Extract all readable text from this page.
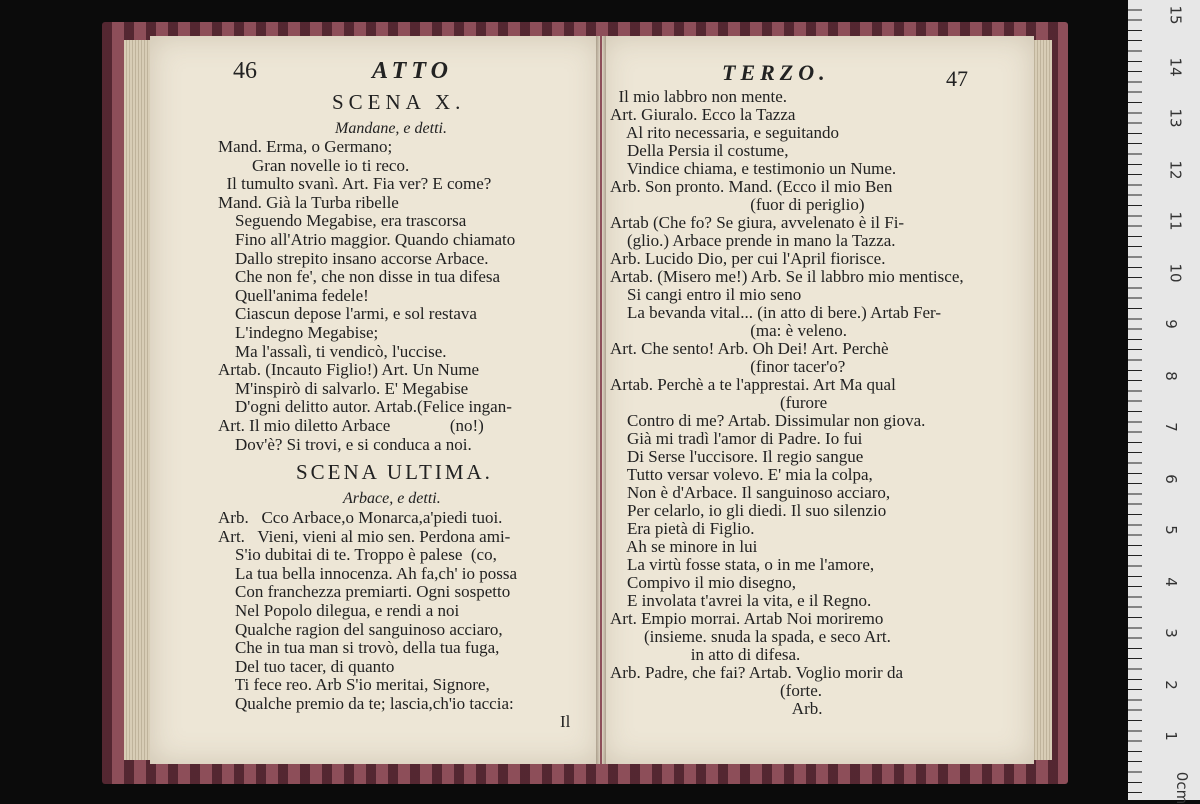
46	ATTO
SCENA X.
Mandane, e detti.
Mand. Erma, o Germano;
Gran novelle io ti reco.
Il tumulto svanì. Art. Fia ver? E come?
Mand. Già la Turba ribelle
Seguendo Megabise, era trascorsa
Fino all'Atrio maggior. Quando chiamato
Dallo strepito insano accorse Arbace.
Che non fe', che non disse in tua difesa
Quell'anima fedele!
Ciascun depose l'armi, e sol restava
L'indegno Megabise;
Ma l'assalì, ti vendicò, l'uccise.
Artab. (Incauto Figlio!) Art. Un Nume
M'inspirò di salvarlo. E' Megabise
D'ogni delitto autor. Artab.(Felice ingan-
Art. Il mio diletto Arbace              (no!)
Dov'è? Si trovi, e si conduca a noi.
SCENA ULTIMA.
Arbace, e detti.
Arb.   Cco Arbace,o Monarca,a'piedi tuoi.
Art.   Vieni, vieni al mio sen. Perdona ami-
S'io dubitai di te. Troppo è palese  (co,
La tua bella innocenza. Ah fa,ch' io possa
Con franchezza premiarti. Ogni sospetto
Nel Popolo dilegua, e rendi a noi
Qualche ragion del sanguinoso acciaro,
Che in tua man si trovò, della tua fuga,
Del tuo tacer, di quanto
Ti fece reo. Arb S'io meritai, Signore,
Qualche premio da te; lascia,ch'io taccia:
Il
TERZO.	47
Il mio labbro non mente.
Art. Giuralo. Ecco la Tazza
Al rito necessaria, e seguitando
Della Persia il costume,
Vindice chiama, e testimonio un Nume.
Arb. Son pronto. Mand. (Ecco il mio Ben
(fuor di periglio)
Artab (Che fo? Se giura, avvelenato è il Fi-
(glio.) Arbace prende in mano la Tazza.
Arb. Lucido Dio, per cui l'April fiorisce.
Artab. (Misero me!) Arb. Se il labbro mio mentisce,
Si cangi entro il mio seno
La bevanda vital... (in atto di bere.) Artab Fer-
(ma: è veleno.
Art. Che sento! Arb. Oh Dei! Art. Perchè
(finor tacer'o?
Artab. Perchè a te l'apprestai. Art Ma qual
(furore
Contro di me? Artab. Dissimular non giova.
Già mi tradì l'amor di Padre. Io fui
Di Serse l'uccisore. Il regio sangue
Tutto versar volevo. E' mia la colpa,
Non è d'Arbace. Il sanguinoso acciaro,
Per celarlo, io gli diedi. Il suo silenzio
Era pietà di Figlio.
Ah se minore in lui
La virtù fosse stata, o in me l'amore,
Compivo il mio disegno,
E involata t'avrei la vita, e il Regno.
Art. Empio morrai. Artab Noi moriremo
(insieme. snuda la spada, e seco Art.
in atto di difesa.
Arb. Padre, che fai? Artab. Voglio morir da
(forte.
Arb.
15
14
13
12
11
10
9
8
7
6
5
4
3
2
1
0cm
